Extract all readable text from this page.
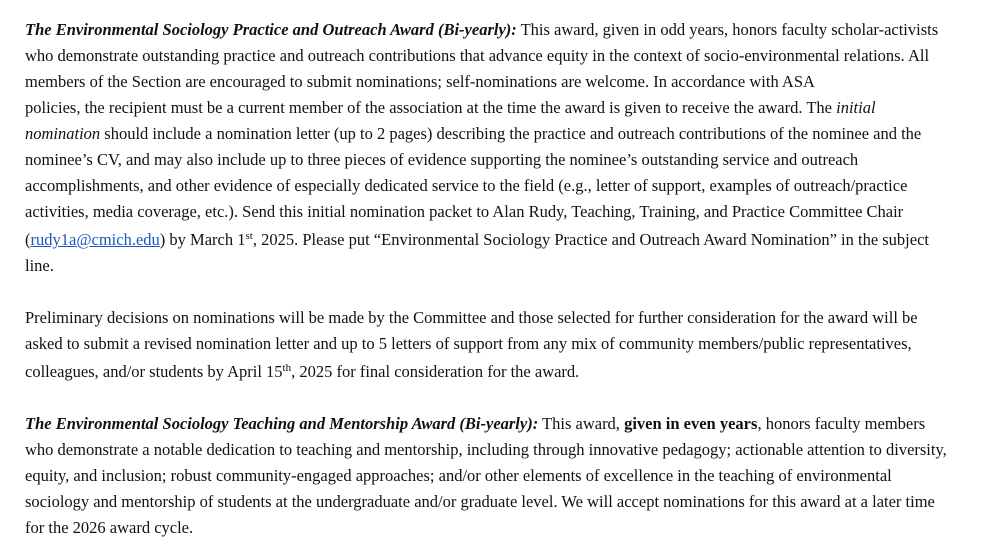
The Environmental Sociology Practice and Outreach Award (Bi-yearly): This award, given in odd years, honors faculty scholar-activists
who demonstrate outstanding practice and outreach contributions that advance equity in the context of socio-environmental relations. All
members of the Section are encouraged to submit nominations; self-nominations are welcome. In accordance with ASA
policies, the recipient must be a current member of the association at the time the award is given to receive the award. The initial
nomination should include a nomination letter (up to 2 pages) describing the practice and outreach contributions of the nominee and the
nominee’s CV, and may also include up to three pieces of evidence supporting the nominee’s outstanding service and outreach
accomplishments, and other evidence of especially dedicated service to the field (e.g., letter of support, examples of outreach/practice
activities, media coverage, etc.). Send this initial nomination packet to Alan Rudy, Teaching, Training, and Practice Committee Chair
(rudy1a@cmich.edu) by March 1st, 2025. Please put “Environmental Sociology Practice and Outreach Award Nomination” in the subject
line.
Preliminary decisions on nominations will be made by the Committee and those selected for further consideration for the award will be
asked to submit a revised nomination letter and up to 5 letters of support from any mix of community members/public representatives,
colleagues, and/or students by April 15th, 2025 for final consideration for the award.
The Environmental Sociology Teaching and Mentorship Award (Bi-yearly): This award, given in even years, honors faculty members
who demonstrate a notable dedication to teaching and mentorship, including through innovative pedagogy; actionable attention to diversity,
equity, and inclusion; robust community-engaged approaches; and/or other elements of excellence in the teaching of environmental
sociology and mentorship of students at the undergraduate and/or graduate level. We will accept nominations for this award at a later time
for the 2026 award cycle.
